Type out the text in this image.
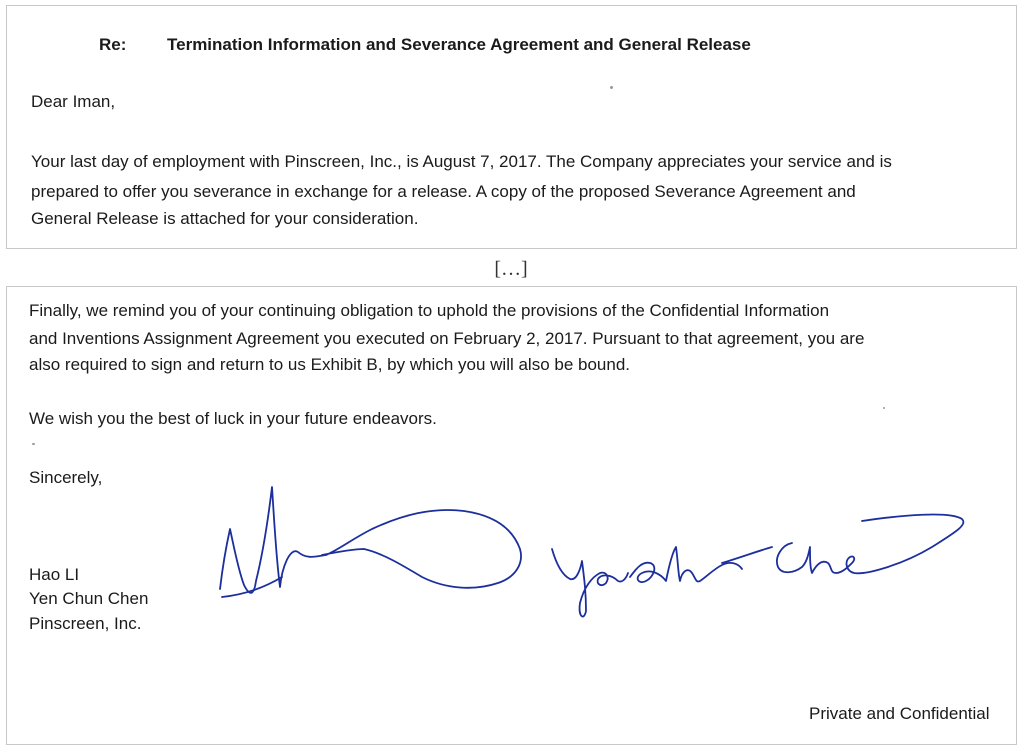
Re: Termination Information and Severance Agreement and General Release
Dear Iman,
Your last day of employment with Pinscreen, Inc., is August 7, 2017. The Company appreciates your service and is
prepared to offer you severance in exchange for a release. A copy of the proposed Severance Agreement and
General Release is attached for your consideration.
[…]
Finally, we remind you of your continuing obligation to uphold the provisions of the Confidential Information
and Inventions Assignment Agreement you executed on February 2, 2017. Pursuant to that agreement, you are
also required to sign and return to us Exhibit B, by which you will also be bound.
We wish you the best of luck in your future endeavors.
Sincerely,
Hao LI
Yen Chun Chen
Pinscreen, Inc.
Private and Confidential
